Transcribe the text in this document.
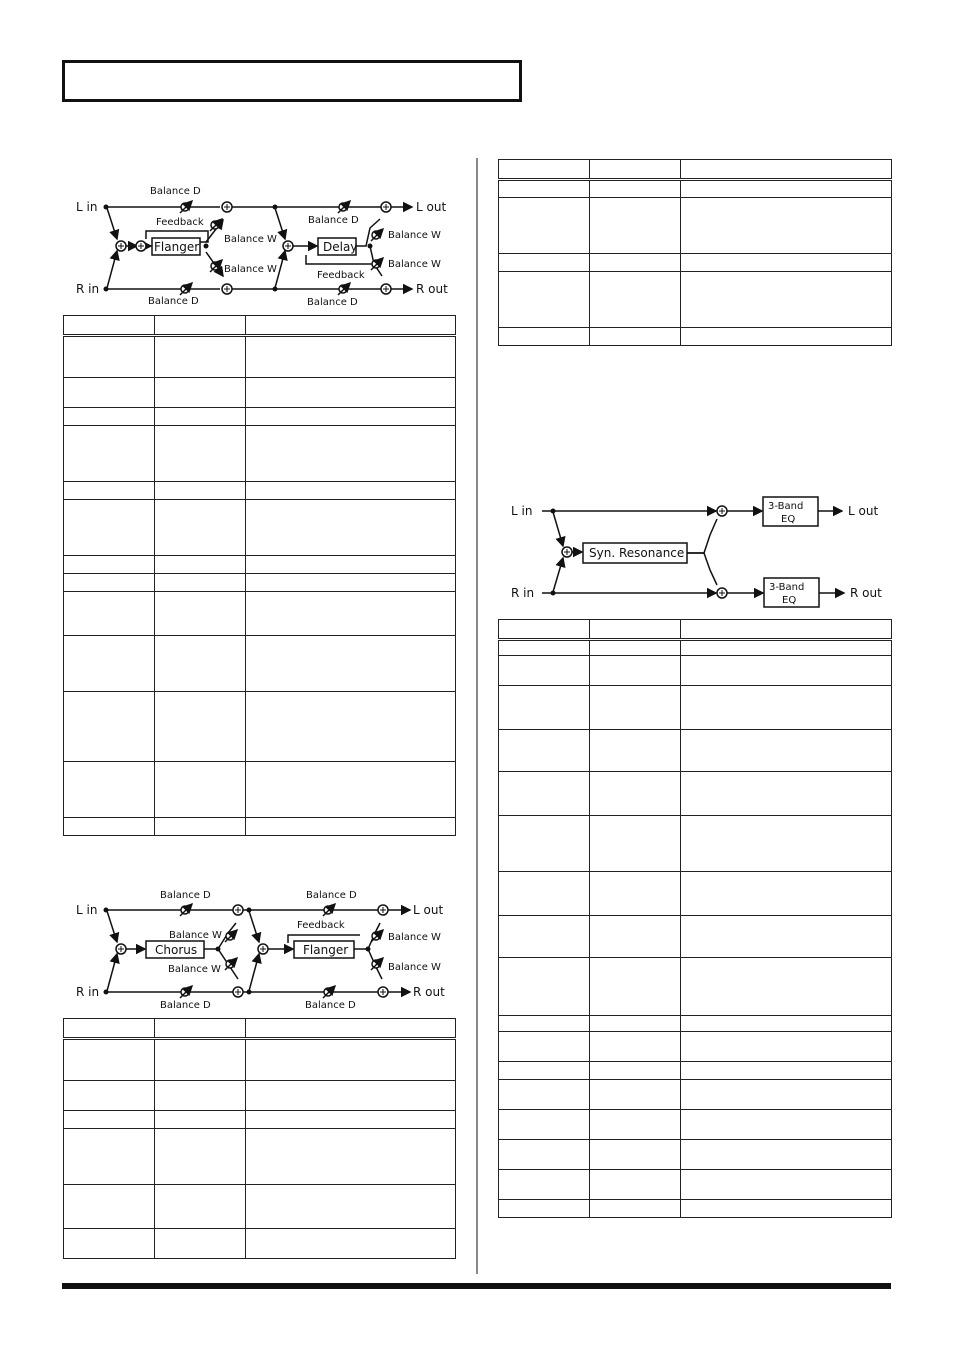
L in
R in
L out
R out
Balance D
Balance D
Balance D
Balance D
Feedback
Feedback
Balance W
Balance W
Balance W
Balance W
Flanger	Delay

L in
R in
L out
R out
Balance D
Balance D
Balance D
Balance D
Balance W
Balance W
Balance W
Balance W
Feedback
Chorus	Flanger

L in
R in
L out
R out
Syn. Resonance
3-Band
EQ
3-Band
EQ
